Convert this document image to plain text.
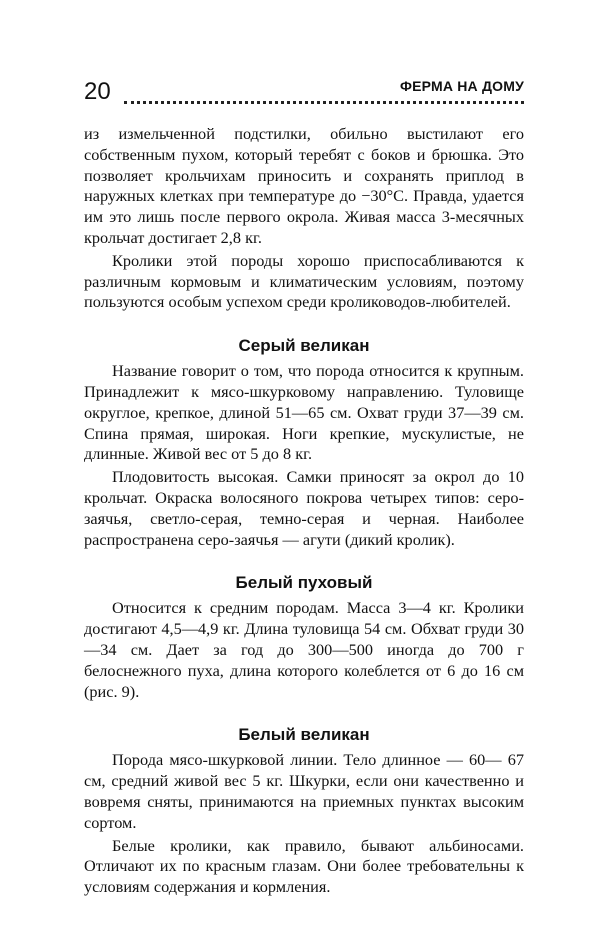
20	ФЕРМА НА ДОМУ

из измельченной подстилки, обильно выстилают его собственным пухом, который теребят с боков и брюшка. Это позволяет крольчихам приносить и сохранять приплод в наружных клетках при температуре до −30°С. Правда, удается им это лишь после первого окрола. Живая масса 3-месячных крольчат достигает 2,8 кг.

Кролики этой породы хорошо приспосабливаются к различным кормовым и климатическим условиям, поэтому пользуются особым успехом среди кролиководов-любителей.

Серый великан

Название говорит о том, что порода относится к крупным. Принадлежит к мясо-шкурковому направлению. Туловище округлое, крепкое, длиной 51—65 см. Охват груди 37—39 см. Спина прямая, широкая. Ноги крепкие, мускулистые, не длинные. Живой вес от 5 до 8 кг.

Плодовитость высокая. Самки приносят за окрол до 10 крольчат. Окраска волосяного покрова четырех типов: серо-заячья, светло-серая, темно-серая и черная. Наиболее распространена серо-заячья — агути (дикий кролик).

Белый пуховый

Относится к средним породам. Масса 3—4 кг. Кролики достигают 4,5—4,9 кг. Длина туловища 54 см. Обхват груди 30—34 см. Дает за год до 300—500 иногда до 700 г белоснежного пуха, длина которого колеблется от 6 до 16 см (рис. 9).

Белый великан

Порода мясо-шкурковой линии. Тело длинное — 60— 67 см, средний живой вес 5 кг. Шкурки, если они качественно и вовремя сняты, принимаются на приемных пунктах высоким сортом.

Белые кролики, как правило, бывают альбиносами. Отличают их по красным глазам. Они более требовательны к условиям содержания и кормления.
